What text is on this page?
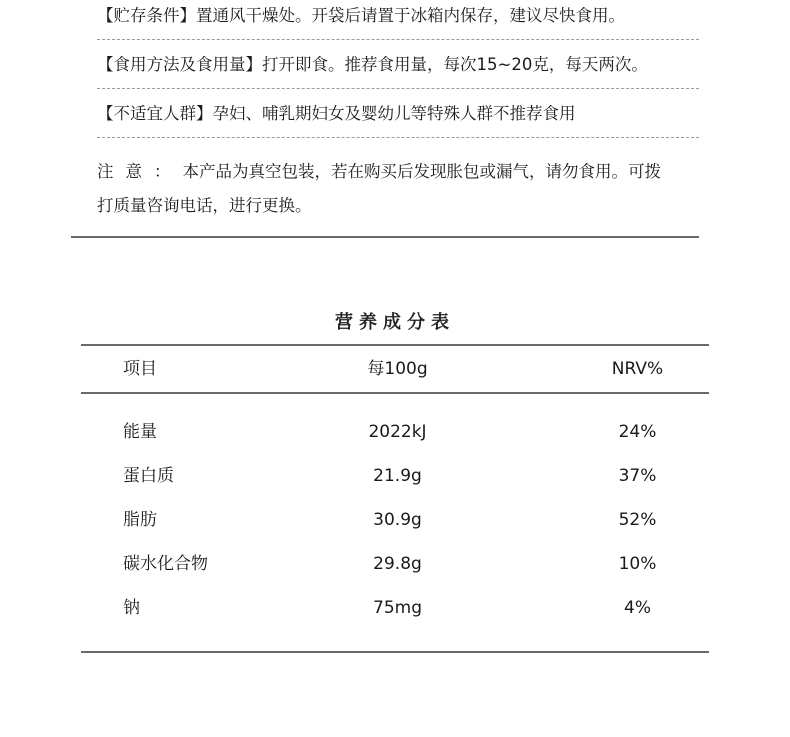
【贮存条件】置通风干燥处。开袋后请置于冰箱内保存，建议尽快食用。
【食用方法及食用量】打开即食。推荐食用量，每次15~20克，每天两次。
【不适宜人群】孕妇、哺乳期妇女及婴幼儿等特殊人群不推荐食用
注意：本产品为真空包装，若在购买后发现胀包或漏气，请勿食用。可拨
打质量咨询电话，进行更换。
营养成分表
项目	每100g	NRV%
能量	2022kJ	24%
蛋白质	21.9g	37%
脂肪	30.9g	52%
碳水化合物	29.8g	10%
钠	75mg	4%
